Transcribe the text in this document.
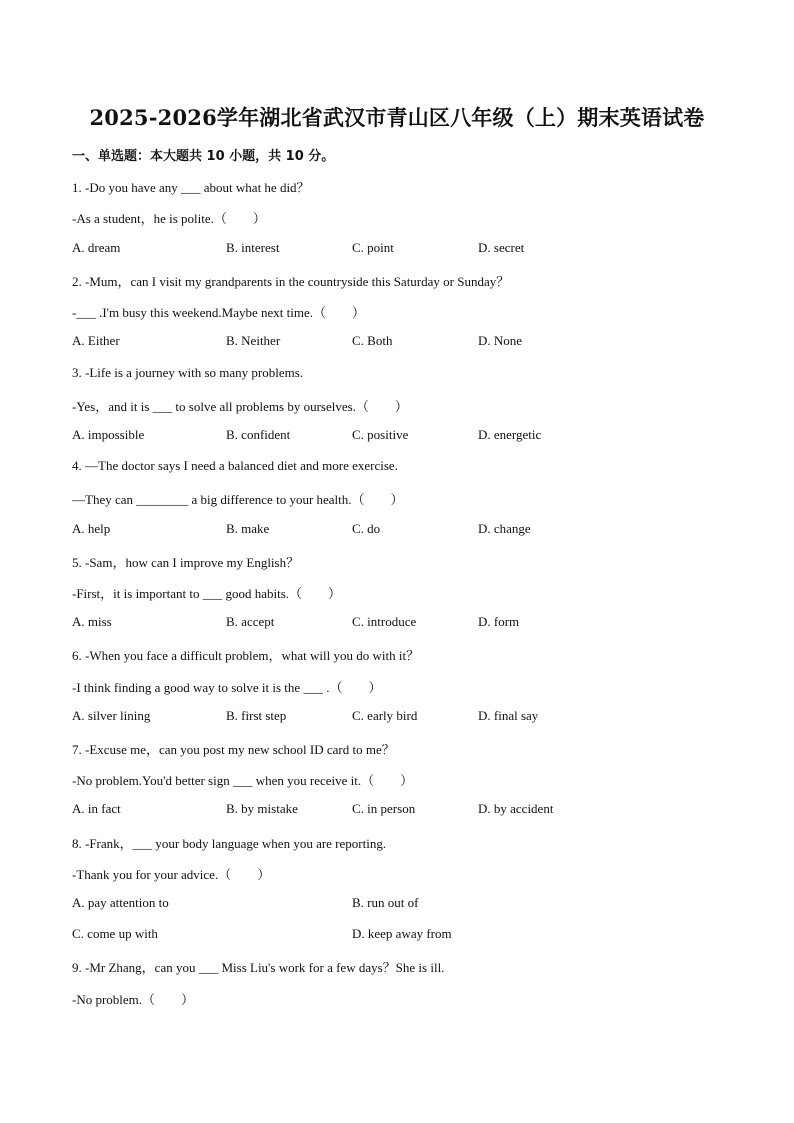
2025-2026学年湖北省武汉市青山区八年级（上）期末英语试卷
一、单选题：本大题共 10 小题，共 10 分。
1. -Do you have any ___ about what he did？
-As a student，he is polite.（　　）
A. dream	B. interest	C. point	D. secret
2. -Mum，can I visit my grandparents in the countryside this Saturday or Sunday？
-___ .I'm busy this weekend.Maybe next time.（　　）
A. Either	B. Neither	C. Both	D. None
3. -Life is a journey with so many problems.
-Yes，and it is ___ to solve all problems by ourselves.（　　）
A. impossible	B. confident	C. positive	D. energetic
4. —The doctor says I need a balanced diet and more exercise.
—They can ________ a big difference to your health.（　　）
A. help	B. make	C. do	D. change
5. -Sam，how can I improve my English？
-First，it is important to ___ good habits.（　　）
A. miss	B. accept	C. introduce	D. form
6. -When you face a difficult problem，what will you do with it？
-I think finding a good way to solve it is the ___ .（　　）
A. silver lining	B. first step	C. early bird	D. final say
7. -Excuse me，can you post my new school ID card to me？
-No problem.You'd better sign ___ when you receive it.（　　）
A. in fact	B. by mistake	C. in person	D. by accident
8. -Frank，___ your body language when you are reporting.
-Thank you for your advice.（　　）
A. pay attention to	B. run out of
C. come up with	D. keep away from
9. -Mr Zhang，can you ___ Miss Liu's work for a few days？She is ill.
-No problem.（　　）
